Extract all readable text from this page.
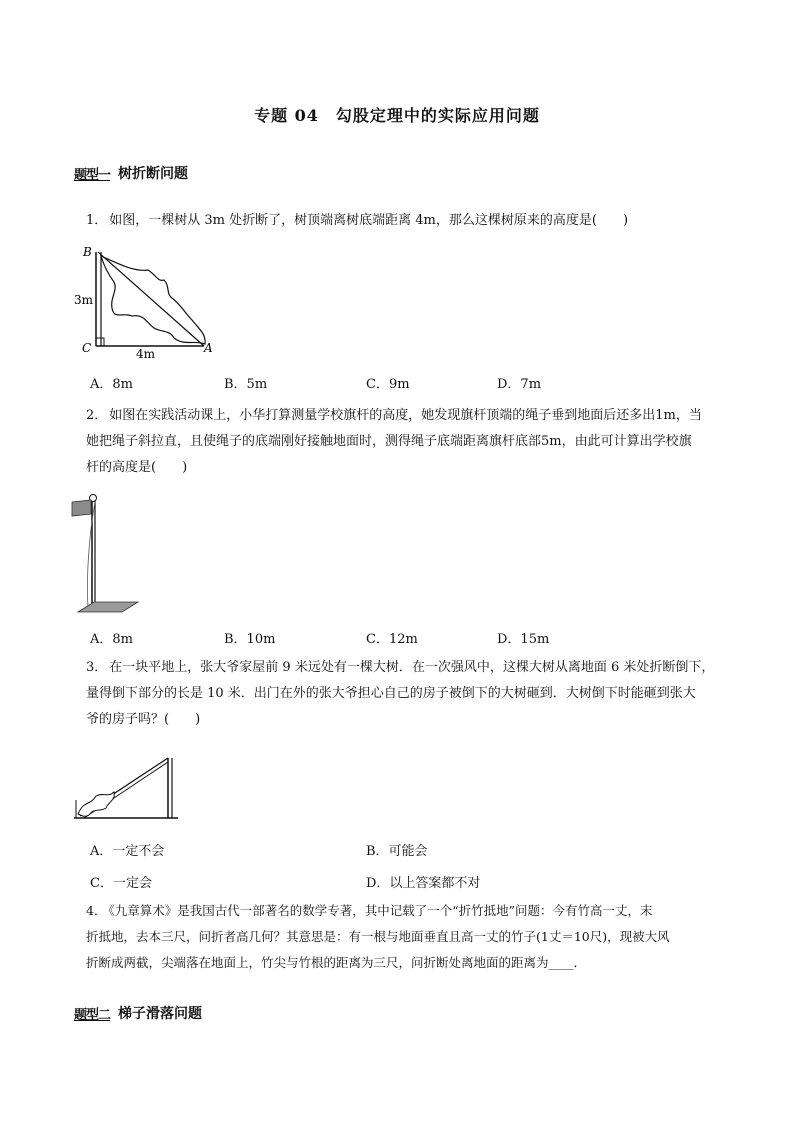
专题 04　勾股定理中的实际应用问题
题型一 树折断问题
1． 如图，一棵树从 3m 处折断了，树顶端离树底端距离 4m，那么这棵树原来的高度是(　　)
B
3m
C	4m	A
A．8m	B．5m	C．9m	D．7m
2． 如图在实践活动课上，小华打算测量学校旗杆的高度，她发现旗杆顶端的绳子垂到地面后还多出1m，当
她把绳子斜拉直，且使绳子的底端刚好接触地面时，测得绳子底端距离旗杆底部5m，由此可计算出学校旗
杆的高度是(　　)
A．8m	B．10m	C．12m	D．15m
3． 在一块平地上，张大爷家屋前 9 米远处有一棵大树．在一次强风中，这棵大树从离地面 6 米处折断倒下，
量得倒下部分的长是 10 米．出门在外的张大爷担心自己的房子被倒下的大树砸到．大树倒下时能砸到张大
爷的房子吗？(　　)
A．一定不会	B．可能会
C．一定会	D．以上答案都不对
4． 《九章算术》是我国古代一部著名的数学专著，其中记载了一个“折竹抵地”问题：今有竹高一丈，末
折抵地，去本三尺，问折者高几何？其意思是：有一根与地面垂直且高一丈的竹子(1丈＝10尺)，现被大风
折断成两截，尖端落在地面上，竹尖与竹根的距离为三尺，问折断处离地面的距离为____．
题型二 梯子滑落问题
